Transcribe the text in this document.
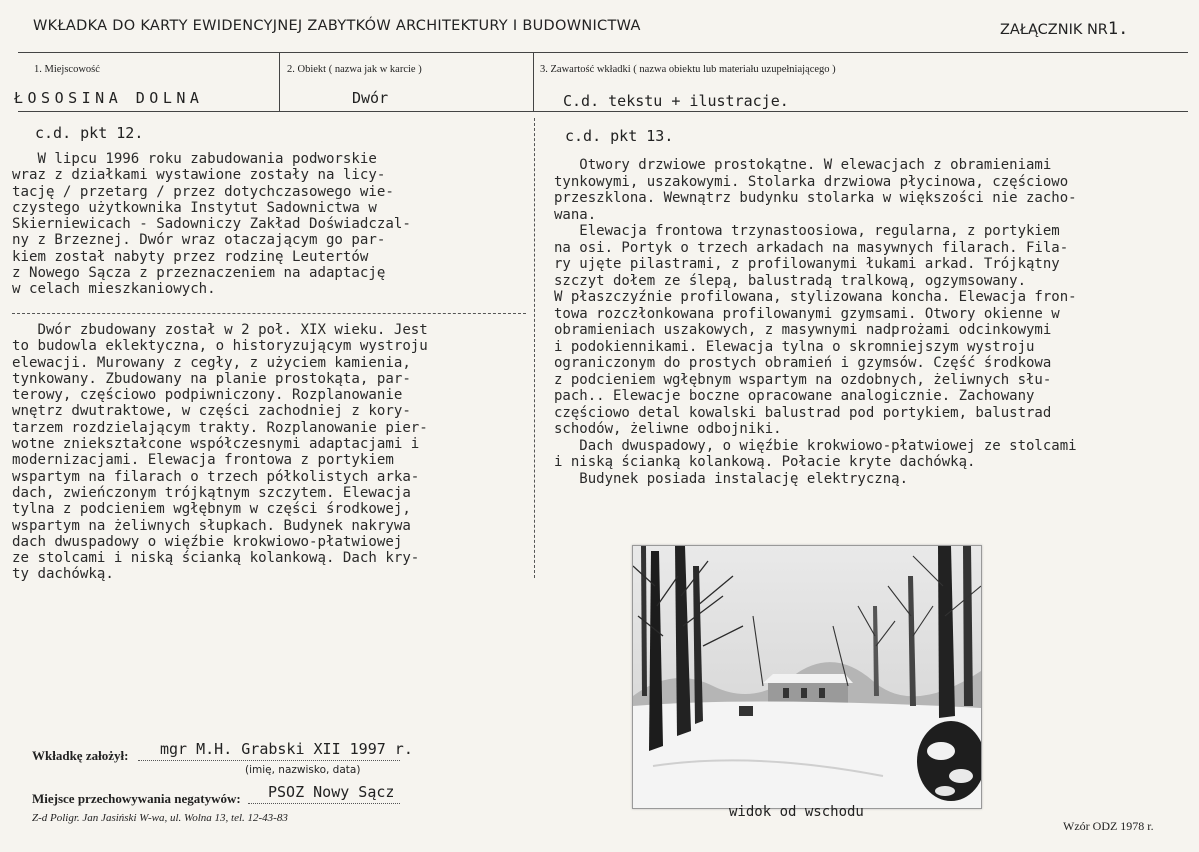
WKŁADKA DO KARTY EWIDENCYJNEJ ZABYTKÓW ARCHITEKTURY I BUDOWNICTWA	ZAŁĄCZNIK NR1.
1. Miejscowość	2. Obiekt ( nazwa jak w karcie )	3. Zawartość wkładki ( nazwa obiektu lub materiału uzupełniającego )
ŁOSOSINA DOLNA	Dwór	C.d. tekstu + ilustracje.
c.d. pkt 12.
W lipcu 1996 roku zabudowania podworskie
wraz z działkami wystawione zostały na licy-
tację / przetarg / przez dotychczasowego wie-
czystego użytkownika Instytut Sadownictwa w
Skierniewicach - Sadowniczy Zakład Doświadczal-
ny z Brzeznej. Dwór wraz otaczającym go par-
kiem został nabyty przez rodzinę Leutertów
z Nowego Sącza z przeznaczeniem na adaptację
w celach mieszkaniowych.
Dwór zbudowany został w 2 poł. XIX wieku. Jest
to budowla eklektyczna, o historyzującym wystroju
elewacji. Murowany z cegły, z użyciem kamienia,
tynkowany. Zbudowany na planie prostokąta, par-
terowy, częściowo podpiwniczony. Rozplanowanie
wnętrz dwutraktowe, w części zachodniej z kory-
tarzem rozdzielającym trakty. Rozplanowanie pier-
wotne zniekształcone współczesnymi adaptacjami i
modernizacjami. Elewacja frontowa z portykiem
wspartym na filarach o trzech półkolistych arka-
dach, zwieńczonym trójkątnym szczytem. Elewacja
tylna z podcieniem wgłębnym w części środkowej,
wspartym na żeliwnych słupkach. Budynek nakrywa
dach dwuspadowy o więźbie krokwiowo-płatwiowej
ze stolcami i niską ścianką kolankową. Dach kry-
ty dachówką.
c.d. pkt 13.
Otwory drzwiowe prostokątne. W elewacjach z obramieniami
tynkowymi, uszakowymi. Stolarka drzwiowa płycinowa, częściowo
przeszklona. Wewnątrz budynku stolarka w większości nie zacho-
wana.
Elewacja frontowa trzynastoosiowa, regularna, z portykiem
na osi. Portyk o trzech arkadach na masywnych filarach. Fila-
ry ujęte pilastrami, z profilowanymi łukami arkad. Trójkątny
szczyt dołem ze ślepą, balustradą tralkową, ogzymsowany.
W płaszczyźnie profilowana, stylizowana koncha. Elewacja fron-
towa rozczłonkowana profilowanymi gzymsami. Otwory okienne w
obramieniach uszakowych, z masywnymi nadprożami odcinkowymi
i podokiennikami. Elewacja tylna o skromniejszym wystroju
ograniczonym do prostych obramień i gzymsów. Część środkowa
z podcieniem wgłębnym wspartym na ozdobnych, żeliwnych słu-
pach.. Elewacje boczne opracowane analogicznie. Zachowany
częściowo detal kowalski balustrad pod portykiem, balustrad
schodów, żeliwne odbojniki.
Dach dwuspadowy, o więźbie krokwiowo-płatwiowej ze stolcami
i niską ścianką kolankową. Połacie kryte dachówką.
Budynek posiada instalację elektryczną.
widok od wschodu
Wkładkę założył: mgr M.H. Grabski XII 1997 r.
(imię, nazwisko, data)
Miejsce przechowywania negatywów: PSOZ Nowy Sącz
Z-d Poligr. Jan Jasiński W-wa, ul. Wolna 13, tel. 12-43-83
Wzór ODZ 1978 r.
